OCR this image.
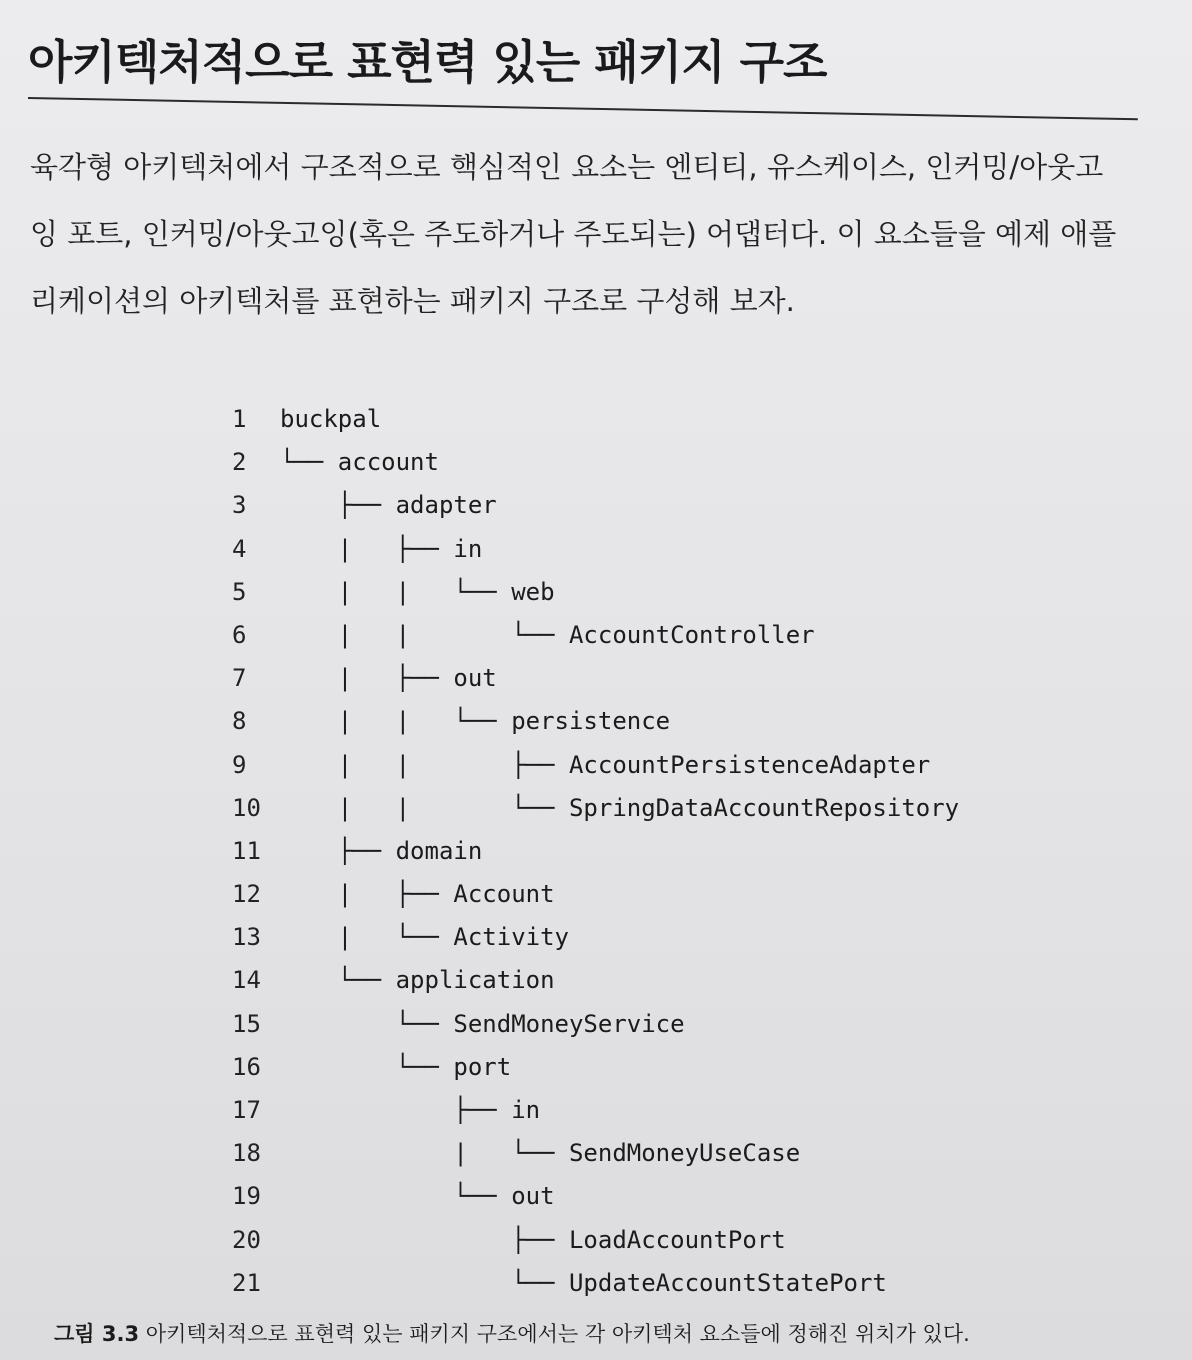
아키텍처적으로 표현력 있는 패키지 구조
육각형 아키텍처에서 구조적으로 핵심적인 요소는 엔티티, 유스케이스, 인커밍/아웃고
잉 포트, 인커밍/아웃고잉(혹은 주도하거나 주도되는) 어댑터다. 이 요소들을 예제 애플
리케이션의 아키텍처를 표현하는 패키지 구조로 구성해 보자.
1 buckpal
2 └── account
3    ├── adapter
4    |   ├── in
5    |   |   └── web
6    |   |       └── AccountController
7    |   ├── out
8    |   |   └── persistence
9    |   |       ├── AccountPersistenceAdapter
10    |   |       └── SpringDataAccountRepository
11    ├── domain
12    |   ├── Account
13    |   └── Activity
14    └── application
15        └── SendMoneyService
16        └── port
17            ├── in
18            |   └── SendMoneyUseCase
19            └── out
20                ├── LoadAccountPort
21                └── UpdateAccountStatePort

그림 3.3 아키텍처적으로 표현력 있는 패키지 구조에서는 각 아키텍처 요소들에 정해진 위치가 있다.
